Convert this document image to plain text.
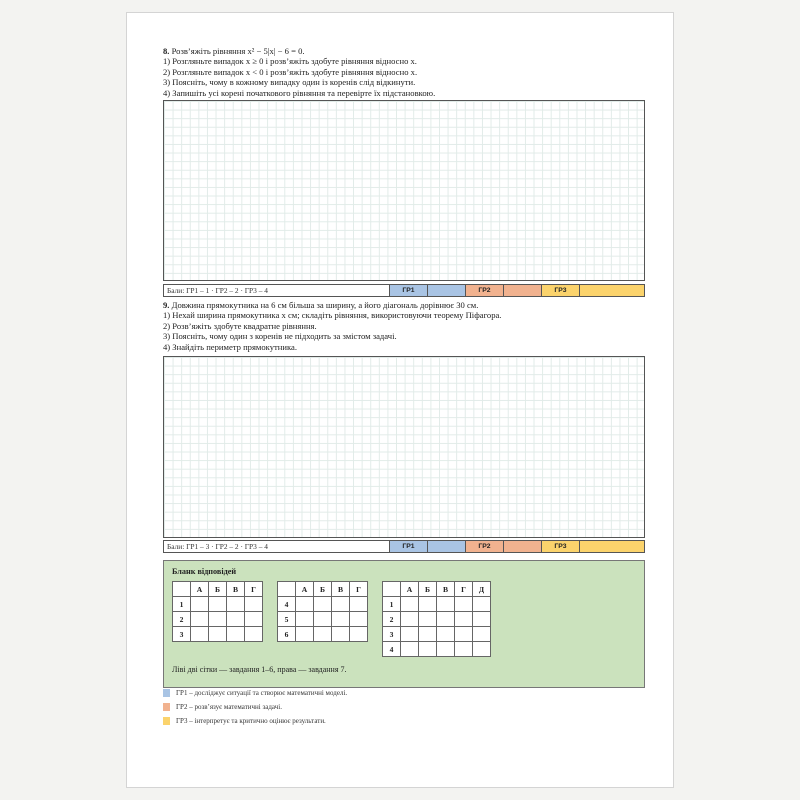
8. Розв’яжіть рівняння x² − 5|x| − 6 = 0.
1) Розгляньте випадок x ≥ 0 і розв’яжіть здобуте рівняння відносно x.
2) Розгляньте випадок x < 0 і розв’яжіть здобуте рівняння відносно x.
3) Поясніть, чому в кожному випадку один із коренів слід відкинути.
4) Запишіть усі корені початкового рівняння та перевірте їх підстановкою.
Бали: ГР1 – 1 · ГР2 – 2 · ГР3 – 4	ГР1	ГР2	ГР3
9. Довжина прямокутника на 6 см більша за ширину, а його діагональ дорівнює 30 см.
1) Нехай ширина прямокутника x см; складіть рівняння, використовуючи теорему Піфагора.
2) Розв’яжіть здобуте квадратне рівняння.
3) Поясніть, чому один з коренів не підходить за змістом задачі.
4) Знайдіть периметр прямокутника.
Бали: ГР1 – 3 · ГР2 – 2 · ГР3 – 4	ГР1	ГР2	ГР3
Бланк відповідей
	А	Б	В	Г
1				
2				
3				
	А	Б	В	Г
4				
5				
6				
	А	Б	В	Г	Д
1					
2					
3					
4					
Ліві дві сітки — завдання 1–6, права — завдання 7.
ГР1 – досліджує ситуації та створює математичні моделі.
ГР2 – розв’язує математичні задачі.
ГР3 – інтерпретує та критично оцінює результати.
